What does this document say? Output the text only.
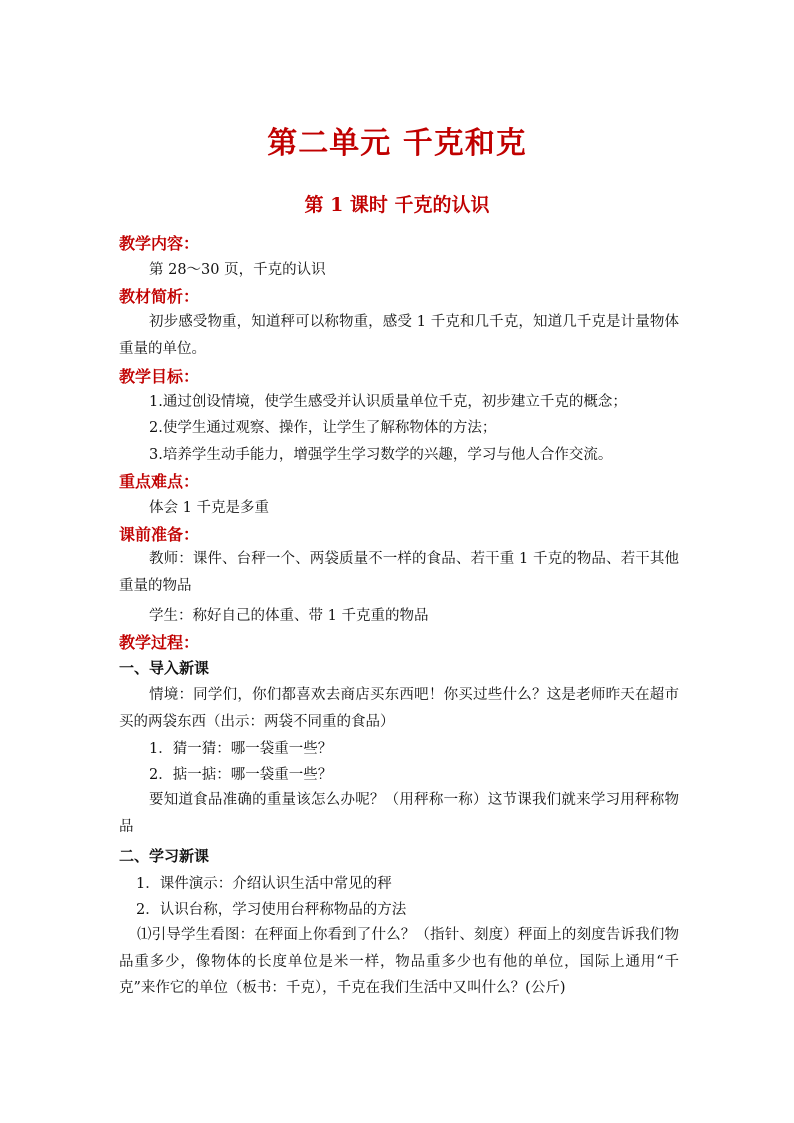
第二单元 千克和克
第 1 课时 千克的认识
教学内容：
第 28～30 页，千克的认识
教材简析：

初步感受物重，知道秤可以称物重，感受 1 千克和几千克，知道几千克是计量物体重量的单位。

教学目标：
1.通过创设情境，使学生感受并认识质量单位千克，初步建立千克的概念；
2.使学生通过观察、操作，让学生了解称物体的方法；
3.培养学生动手能力，增强学生学习数学的兴趣，学习与他人合作交流。
重点难点：
体会 1 千克是多重
课前准备：

教师：课件、台秤一个、两袋质量不一样的食品、若干重 1 千克的物品、若干其他重量的物品

学生：称好自己的体重、带 1 千克重的物品
教学过程：
一、导入新课

情境：同学们，你们都喜欢去商店买东西吧！你买过些什么？这是老师昨天在超市买的两袋东西（出示：两袋不同重的食品）

1．猜一猜：哪一袋重一些？
2．掂一掂：哪一袋重一些？

要知道食品准确的重量该怎么办呢？（用秤称一称）这节课我们就来学习用秤称物品

二、学习新课
1．课件演示：介绍认识生活中常见的秤
2．认识台称，学习使用台秤称物品的方法

⑴引导学生看图：在秤面上你看到了什么？（指针、刻度）秤面上的刻度告诉我们物品重多少，像物体的长度单位是米一样，物品重多少也有他的单位，国际上通用“千克”来作它的单位（板书：千克），千克在我们生活中又叫什么？(公斤)
